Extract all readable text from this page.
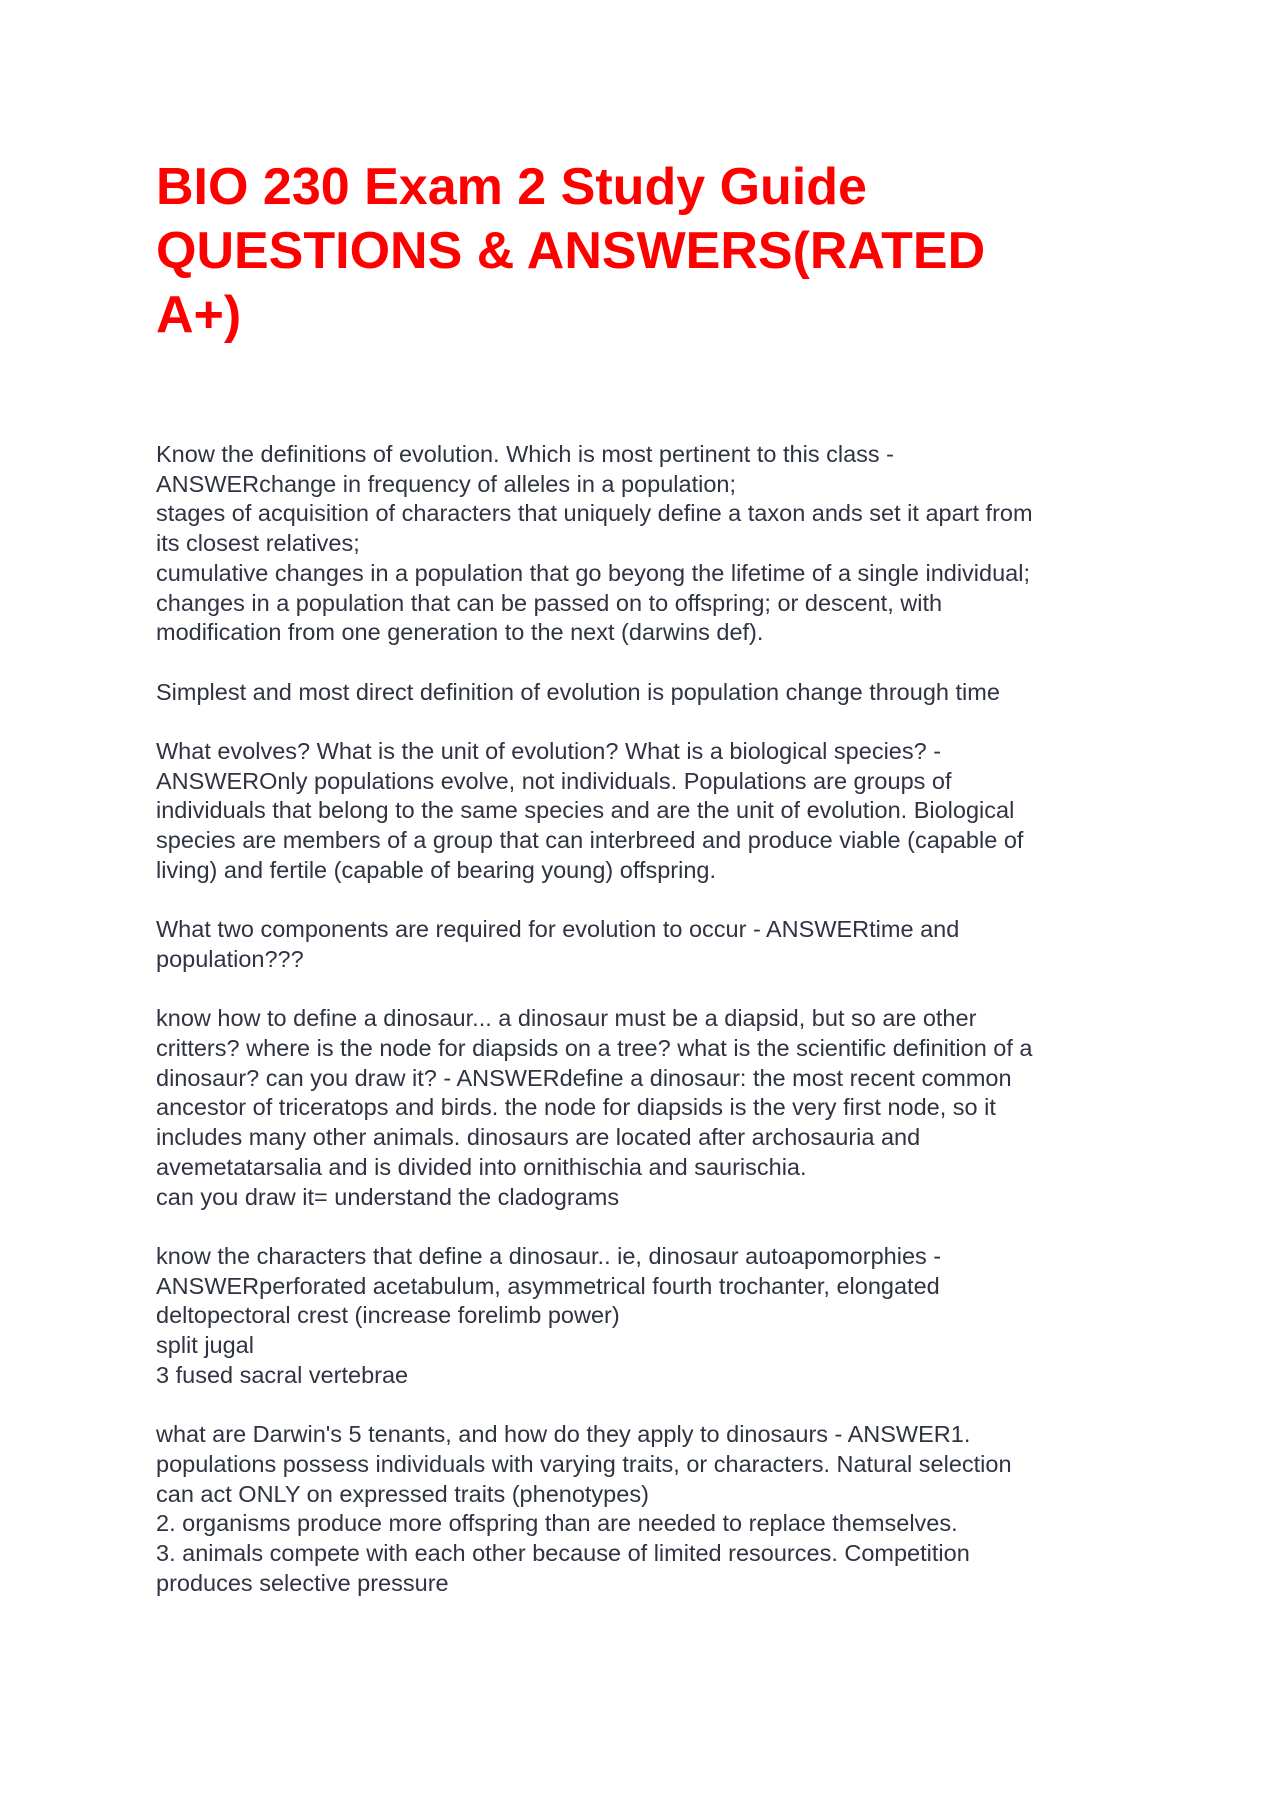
BIO 230 Exam 2 Study Guide
QUESTIONS & ANSWERS(RATED
A+)

Know the definitions of evolution. Which is most pertinent to this class -
ANSWERchange in frequency of alleles in a population;
stages of acquisition of characters that uniquely define a taxon ands set it apart from
its closest relatives;
cumulative changes in a population that go beyong the lifetime of a single individual;
changes in a population that can be passed on to offspring; or descent, with
modification from one generation to the next (darwins def).

Simplest and most direct definition of evolution is population change through time

What evolves? What is the unit of evolution? What is a biological species? -
ANSWEROnly populations evolve, not individuals. Populations are groups of
individuals that belong to the same species and are the unit of evolution. Biological
species are members of a group that can interbreed and produce viable (capable of
living) and fertile (capable of bearing young) offspring.

What two components are required for evolution to occur - ANSWERtime and
population???

know how to define a dinosaur... a dinosaur must be a diapsid, but so are other
critters? where is the node for diapsids on a tree? what is the scientific definition of a
dinosaur? can you draw it? - ANSWERdefine a dinosaur: the most recent common
ancestor of triceratops and birds. the node for diapsids is the very first node, so it
includes many other animals. dinosaurs are located after archosauria and
avemetatarsalia and is divided into ornithischia and saurischia.
can you draw it= understand the cladograms

know the characters that define a dinosaur.. ie, dinosaur autoapomorphies -
ANSWERperforated acetabulum, asymmetrical fourth trochanter, elongated
deltopectoral crest (increase forelimb power)
split jugal
3 fused sacral vertebrae

what are Darwin's 5 tenants, and how do they apply to dinosaurs - ANSWER1.
populations possess individuals with varying traits, or characters. Natural selection
can act ONLY on expressed traits (phenotypes)
2. organisms produce more offspring than are needed to replace themselves.
3. animals compete with each other because of limited resources. Competition
produces selective pressure
